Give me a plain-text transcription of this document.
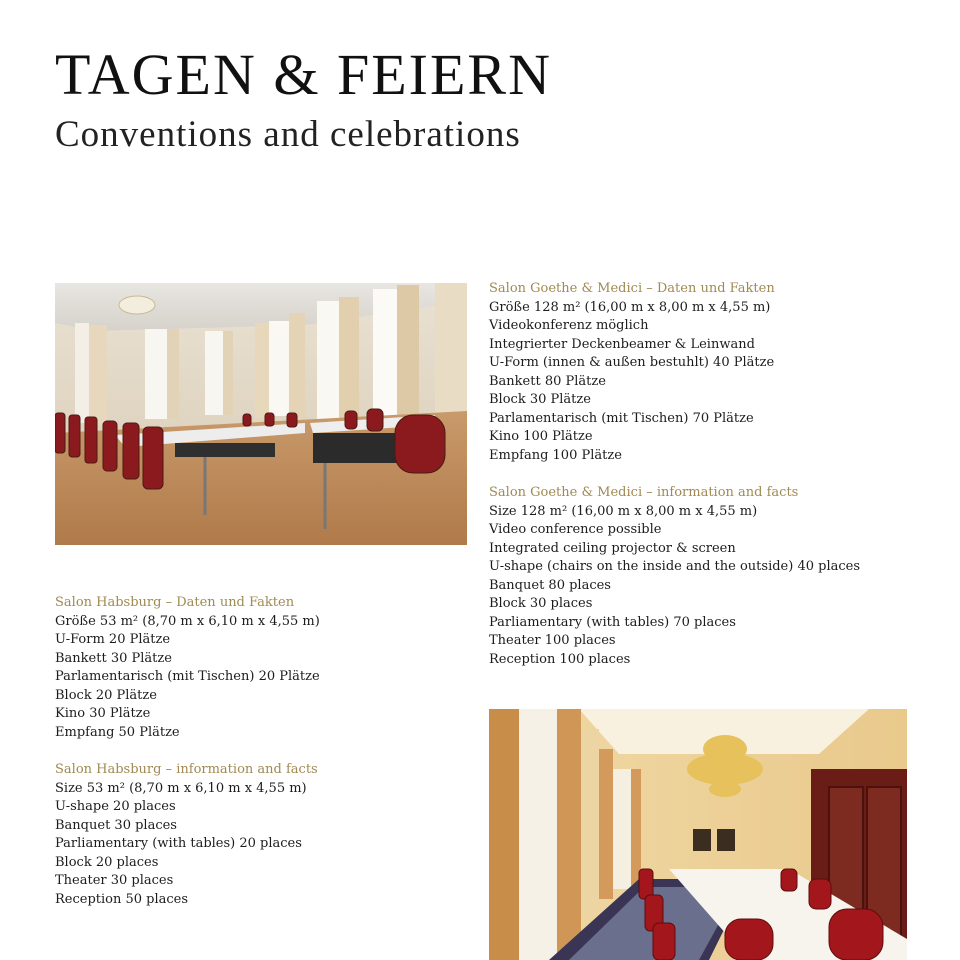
TAGEN & FEIERN
Conventions and celebrations
Salon Goethe & Medici – Daten und Fakten
Größe 128 m² (16,00 m x 8,00 m x 4,55 m)
Videokonferenz möglich
Integrierter Deckenbeamer & Leinwand
U-Form (innen & außen bestuhlt) 40 Plätze
Bankett 80 Plätze
Block 30 Plätze
Parlamentarisch (mit Tischen) 70 Plätze
Kino 100 Plätze
Empfang 100 Plätze
Salon Goethe & Medici – information and facts
Size 128 m² (16,00 m x 8,00 m x 4,55 m)
Video conference possible
Integrated ceiling projector & screen
U-shape (chairs on the inside and the outside) 40 places
Banquet 80 places
Block 30 places
Parliamentary (with tables) 70 places
Theater 100 places
Reception 100 places
Salon Habsburg – Daten und Fakten
Größe 53 m² (8,70 m x 6,10 m x 4,55 m)
U-Form 20 Plätze
Bankett 30 Plätze
Parlamentarisch (mit Tischen) 20 Plätze
Block 20 Plätze
Kino 30 Plätze
Empfang 50 Plätze
Salon Habsburg – information and facts
Size 53 m² (8,70 m x 6,10 m x 4,55 m)
U-shape 20 places
Banquet 30 places
Parliamentary (with tables) 20 places
Block 20 places
Theater 30 places
Reception 50 places
